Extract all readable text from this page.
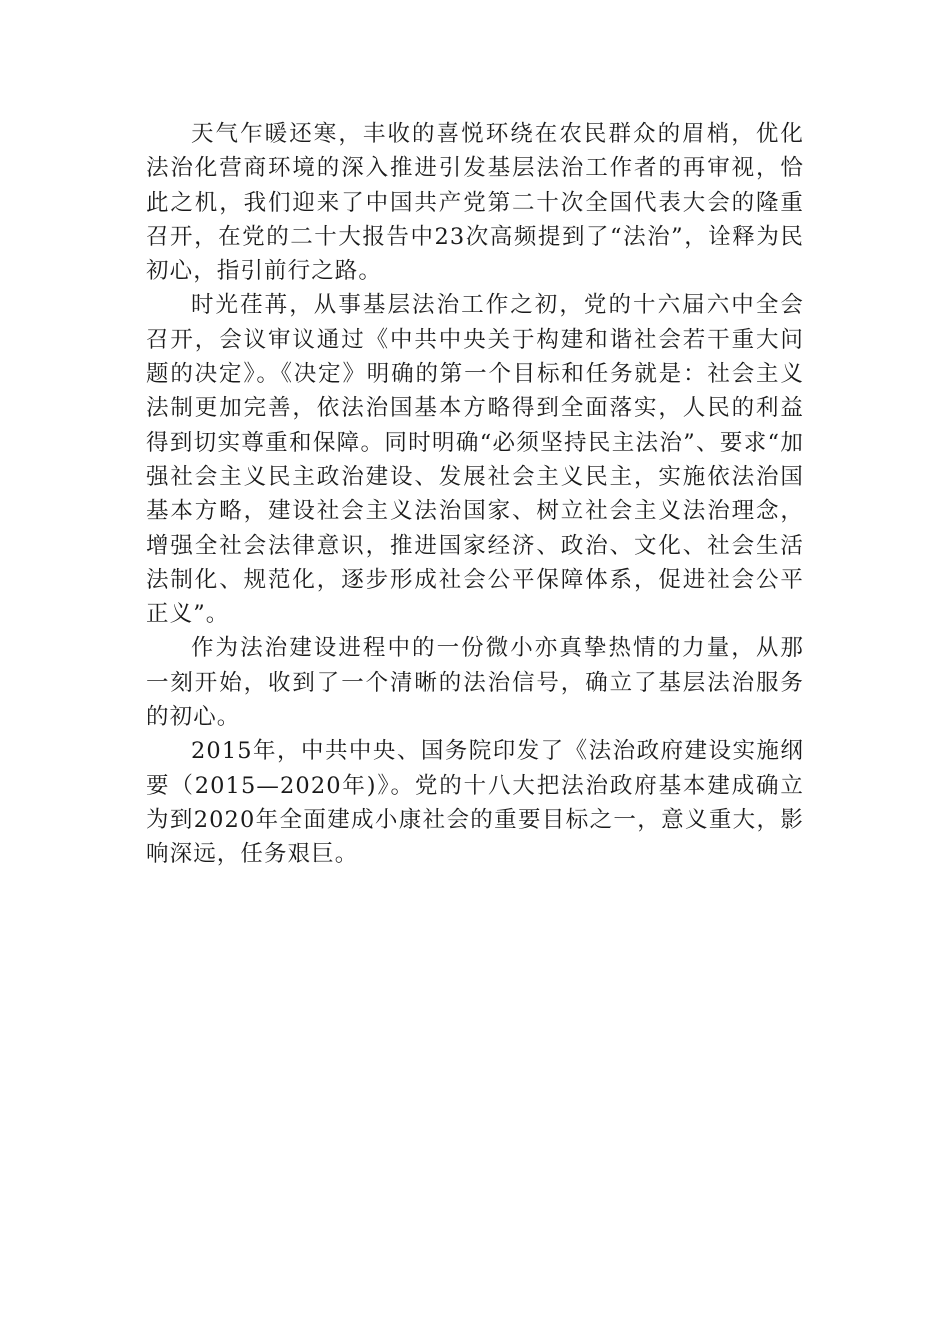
天气乍暖还寒，丰收的喜悦环绕在农民群众的眉梢，优化法治化营商环境的深入推进引发基层法治工作者的再审视，恰此之机，我们迎来了中国共产党第二十次全国代表大会的隆重召开，在党的二十大报告中23次高频提到了“法治”，诠释为民初心，指引前行之路。

时光荏苒，从事基层法治工作之初，党的十六届六中全会召开，会议审议通过《中共中央关于构建和谐社会若干重大问题的决定》。《决定》明确的第一个目标和任务就是：社会主义法制更加完善，依法治国基本方略得到全面落实，人民的利益得到切实尊重和保障。同时明确“必须坚持民主法治”、要求“加强社会主义民主政治建设、发展社会主义民主，实施依法治国基本方略，建设社会主义法治国家、树立社会主义法治理念，增强全社会法律意识，推进国家经济、政治、文化、社会生活法制化、规范化，逐步形成社会公平保障体系，促进社会公平正义”。

作为法治建设进程中的一份微小亦真挚热情的力量，从那一刻开始，收到了一个清晰的法治信号，确立了基层法治服务的初心。

2015年，中共中央、国务院印发了《法治政府建设实施纲要（2015—2020年)》。党的十八大把法治政府基本建成确立为到2020年全面建成小康社会的重要目标之一，意义重大，影响深远，任务艰巨。
